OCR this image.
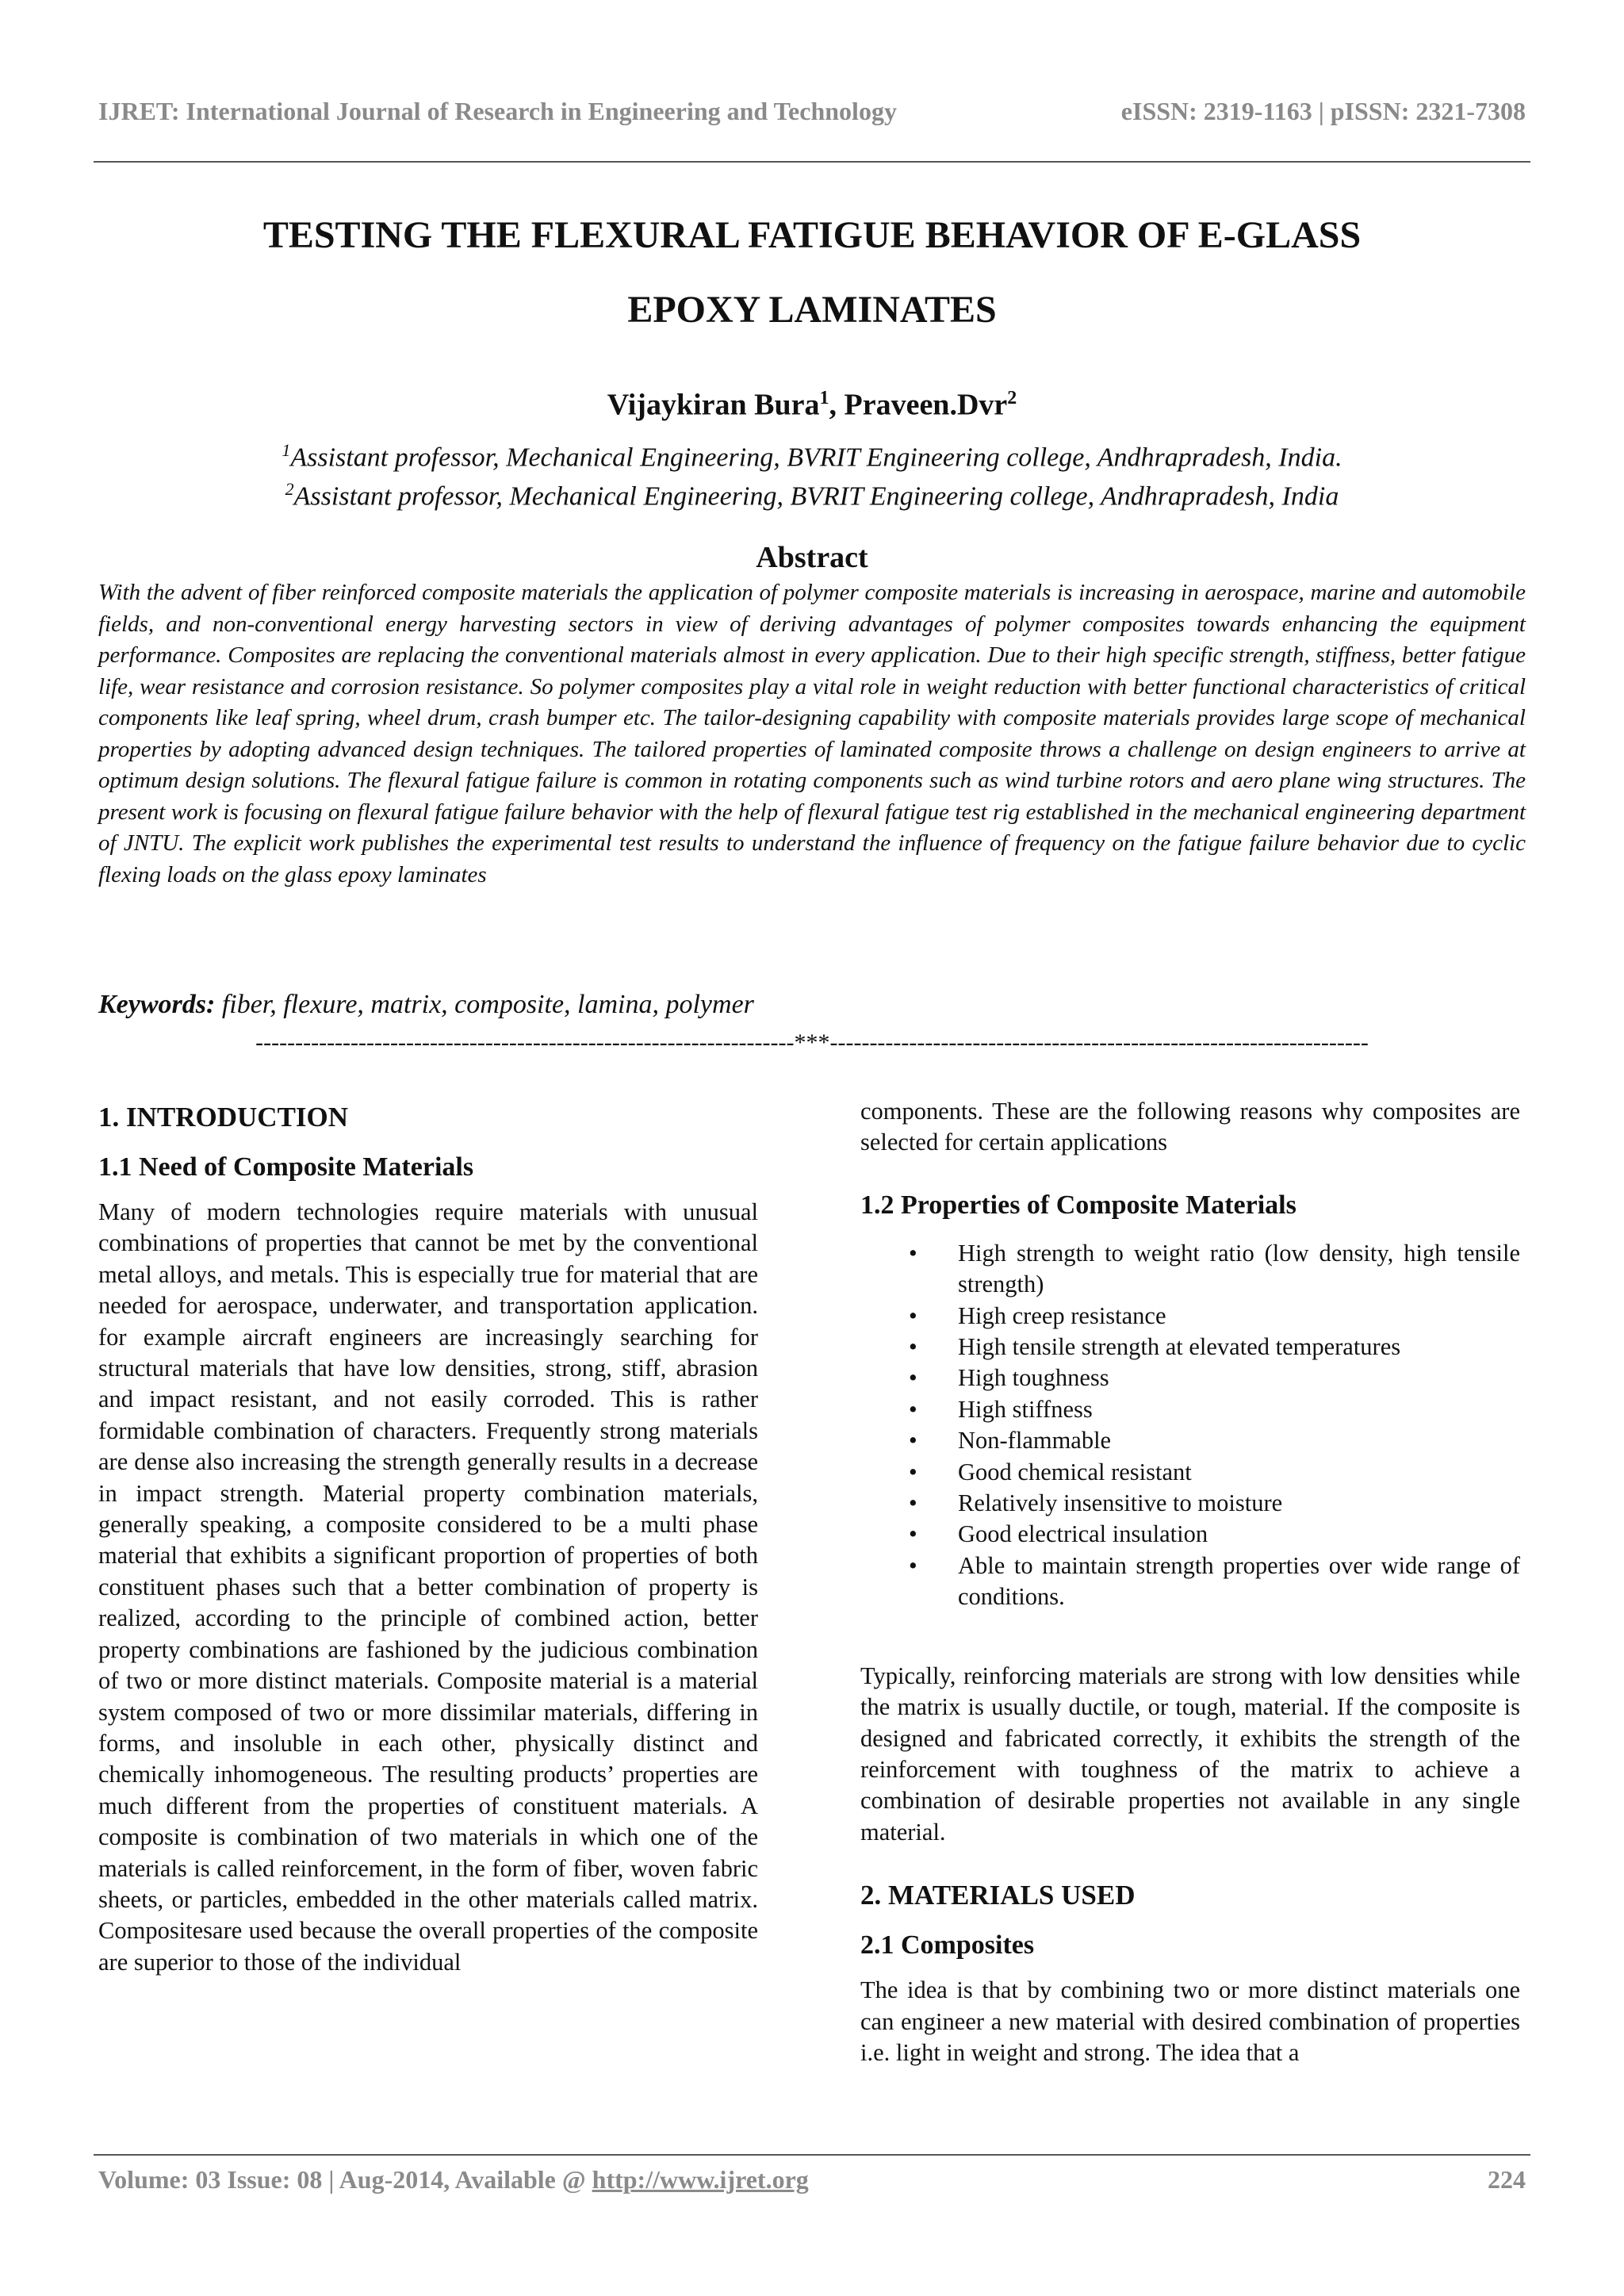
IJRET: International Journal of Research in Engineering and Technology	eISSN: 2319-1163 | pISSN: 2321-7308
TESTING THE FLEXURAL FATIGUE BEHAVIOR OF E-GLASS
EPOXY LAMINATES
Vijaykiran Bura$^1$, Praveen.Dvr$^2$
$^1$Assistant professor, Mechanical Engineering, BVRIT Engineering college, Andhrapradesh, India.
$^2$Assistant professor, Mechanical Engineering, BVRIT Engineering college, Andhrapradesh, India
Abstract
With the advent of fiber reinforced composite materials the application of polymer composite materials is increasing in aerospace, marine and automobile fields, and non-conventional energy harvesting sectors in view of deriving advantages of polymer composites towards enhancing the equipment performance. Composites are replacing the conventional materials almost in every application. Due to their high specific strength, stiffness, better fatigue life, wear resistance and corrosion resistance. So polymer composites play a vital role in weight reduction with better functional characteristics of critical components like leaf spring, wheel drum, crash bumper etc. The tailor-designing capability with composite materials provides large scope of mechanical properties by adopting advanced design techniques. The tailored properties of laminated composite throws a challenge on design engineers to arrive at optimum design solutions. The flexural fatigue failure is common in rotating components such as wind turbine rotors and aero plane wing structures. The present work is focusing on flexural fatigue failure behavior with the help of flexural fatigue test rig established in the mechanical engineering department of JNTU. The explicit work publishes the experimental test results to understand the influence of frequency on the fatigue failure behavior due to cyclic flexing loads on the glass epoxy laminates
Keywords: fiber, flexure, matrix, composite, lamina, polymer
--------------------------------------------------------------------***--------------------------------------------------------------------
1. INTRODUCTION
1.1 Need of Composite Materials

Many of modern technologies require materials with unusual combinations of properties that cannot be met by the conventional metal alloys, and metals. This is especially true for material that are needed for aerospace, underwater, and transportation application. for example aircraft engineers are increasingly searching for structural materials that have low densities, strong, stiff, abrasion and impact resistant, and not easily corroded. This is rather formidable combination of characters. Frequently strong materials are dense also increasing the strength generally results in a decrease in impact strength. Material property combination materials, generally speaking, a composite considered to be a multi phase material that exhibits a significant proportion of properties of both constituent phases such that a better combination of property is realized, according to the principle of combined action, better property combinations are fashioned by the judicious combination of two or more distinct materials. Composite material is a material system composed of two or more dissimilar materials, differing in forms, and insoluble in each other, physically distinct and chemically inhomogeneous. The resulting products’ properties are much different from the properties of constituent materials. A composite is combination of two materials in which one of the materials is called reinforcement, in the form of fiber, woven fabric sheets, or particles, embedded in the other materials called matrix. Compositesare used because the overall properties of the composite are superior to those of the individual

components. These are the following reasons why composites are selected for certain applications

1.2 Properties of Composite Materials
• High strength to weight ratio (low density, high tensile strength)
• High creep resistance
• High tensile strength at elevated temperatures
• High toughness
• High stiffness
• Non-flammable
• Good chemical resistant
• Relatively insensitive to moisture
• Good electrical insulation
• Able to maintain strength properties over wide range of conditions.

Typically, reinforcing materials are strong with low densities while the matrix is usually ductile, or tough, material. If the composite is designed and fabricated correctly, it exhibits the strength of the reinforcement with toughness of the matrix to achieve a combination of desirable properties not available in any single material.

2. MATERIALS USED
2.1 Composites

The idea is that by combining two or more distinct materials one can engineer a new material with desired combination of properties i.e. light in weight and strong. The idea that a

Volume: 03 Issue: 08 | Aug-2014, Available @ http://www.ijret.org	224
